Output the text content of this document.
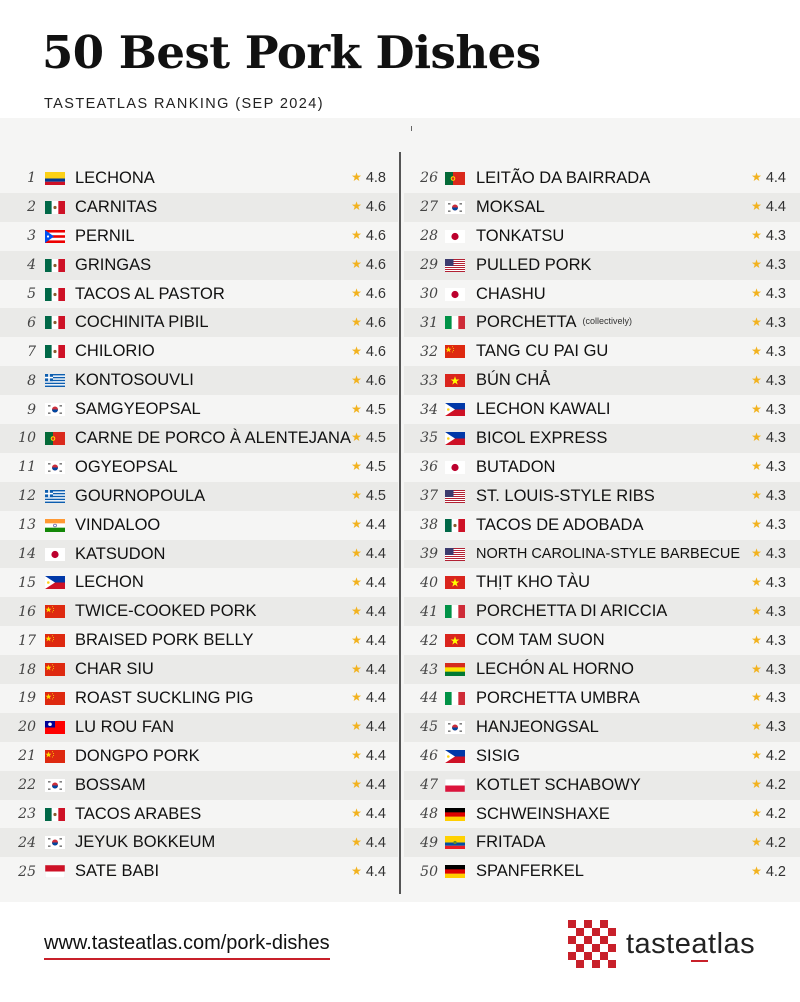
50 Best Pork Dishes
TASTEATLAS RANKING (SEP 2024)
1 LECHONA	★ 4.8
2 CARNITAS	★ 4.6
3 PERNIL	★ 4.6
4 GRINGAS	★ 4.6
5 TACOS AL PASTOR	★ 4.6
6 COCHINITA PIBIL	★ 4.6
7 CHILORIO	★ 4.6
8 KONTOSOUVLI	★ 4.6
9 SAMGYEOPSAL	★ 4.5
10 CARNE DE PORCO À ALENTEJANA ★ 4.5
11 OGYEOPSAL	★ 4.5
12 GOURNOPOULA	★ 4.5
13 VINDALOO	★ 4.4
14 KATSUDON	★ 4.4
15 LECHON	★ 4.4
16 TWICE-COOKED PORK	★ 4.4
17 BRAISED PORK BELLY	★ 4.4
18 CHAR SIU	★ 4.4
19 ROAST SUCKLING PIG	★ 4.4
20 LU ROU FAN	★ 4.4
21 DONGPO PORK	★ 4.4
22 BOSSAM	★ 4.4
23 TACOS ARABES	★ 4.4
24 JEYUK BOKKEUM	★ 4.4
25 SATE BABI	★ 4.4
26 LEITÃO DA BAIRRADA	★ 4.4
27 MOKSAL	★ 4.4
28 TONKATSU	★ 4.3
29 PULLED PORK	★ 4.3
30 CHASHU	★ 4.3
31 PORCHETTA (collectively)	★ 4.3
32 TANG CU PAI GU	★ 4.3
33 BÚN CHẢ	★ 4.3
34 LECHON KAWALI	★ 4.3
35 BICOL EXPRESS	★ 4.3
36 BUTADON	★ 4.3
37 ST. LOUIS-STYLE RIBS	★ 4.3
38 TACOS DE ADOBADA	★ 4.3
39	NORTH CAROLINA-STYLE BARBECUE ★ 4.3
40 THỊT KHO TÀU	★ 4.3
41 PORCHETTA DI ARICCIA	★ 4.3
42 COM TAM SUON	★ 4.3
43 LECHÓN AL HORNO	★ 4.3
44 PORCHETTA UMBRA	★ 4.3
45 HANJEONGSAL	★ 4.3
46 SISIG	★ 4.2
47 KOTLET SCHABOWY	★ 4.2
48 SCHWEINSHAXE	★ 4.2
49 FRITADA	★ 4.2
50 SPANFERKEL	★ 4.2
www.tasteatlas.com/pork-dishes	tasteatlas
